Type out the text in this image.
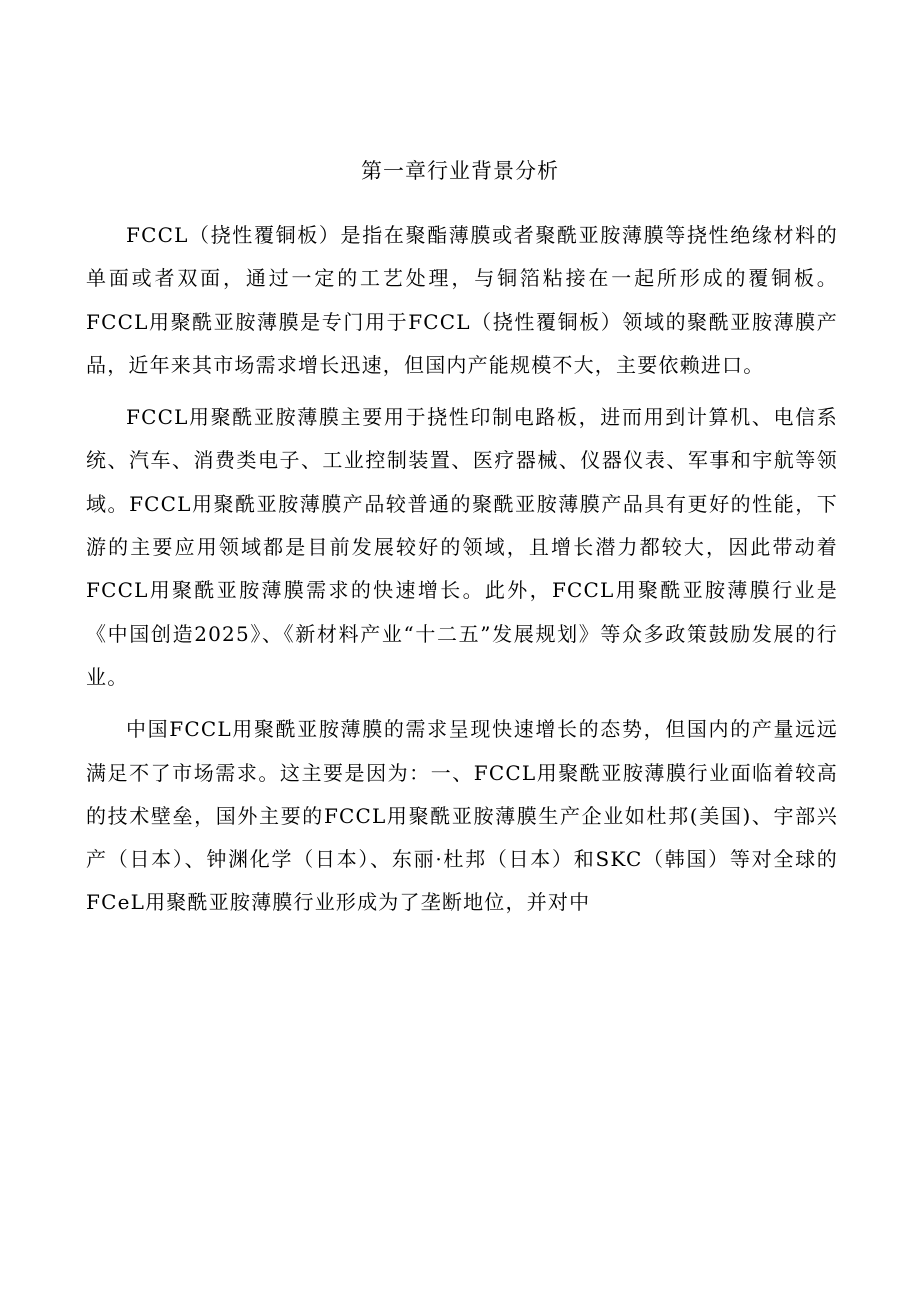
第一章行业背景分析

FCCL（挠性覆铜板）是指在聚酯薄膜或者聚酰亚胺薄膜等挠性绝缘材料的单面或者双面，通过一定的工艺处理，与铜箔粘接在一起所形成的覆铜板。FCCL用聚酰亚胺薄膜是专门用于FCCL（挠性覆铜板）领域的聚酰亚胺薄膜产品，近年来其市场需求增长迅速，但国内产能规模不大，主要依赖进口。

FCCL用聚酰亚胺薄膜主要用于挠性印制电路板，进而用到计算机、电信系统、汽车、消费类电子、工业控制装置、医疗器械、仪器仪表、军事和宇航等领域。FCCL用聚酰亚胺薄膜产品较普通的聚酰亚胺薄膜产品具有更好的性能，下游的主要应用领域都是目前发展较好的领域，且增长潜力都较大，因此带动着FCCL用聚酰亚胺薄膜需求的快速增长。此外，FCCL用聚酰亚胺薄膜行业是《中国创造2025》、《新材料产业“十二五”发展规划》等众多政策鼓励发展的行业。

中国FCCL用聚酰亚胺薄膜的需求呈现快速增长的态势，但国内的产量远远满足不了市场需求。这主要是因为：一、FCCL用聚酰亚胺薄膜行业面临着较高的技术壁垒，国外主要的FCCL用聚酰亚胺薄膜生产企业如杜邦(美国)、宇部兴产（日本）、钟渊化学（日本）、东丽·杜邦（日本）和SKC（韩国）等对全球的FCeL用聚酰亚胺薄膜行业形成为了垄断地位，并对中
